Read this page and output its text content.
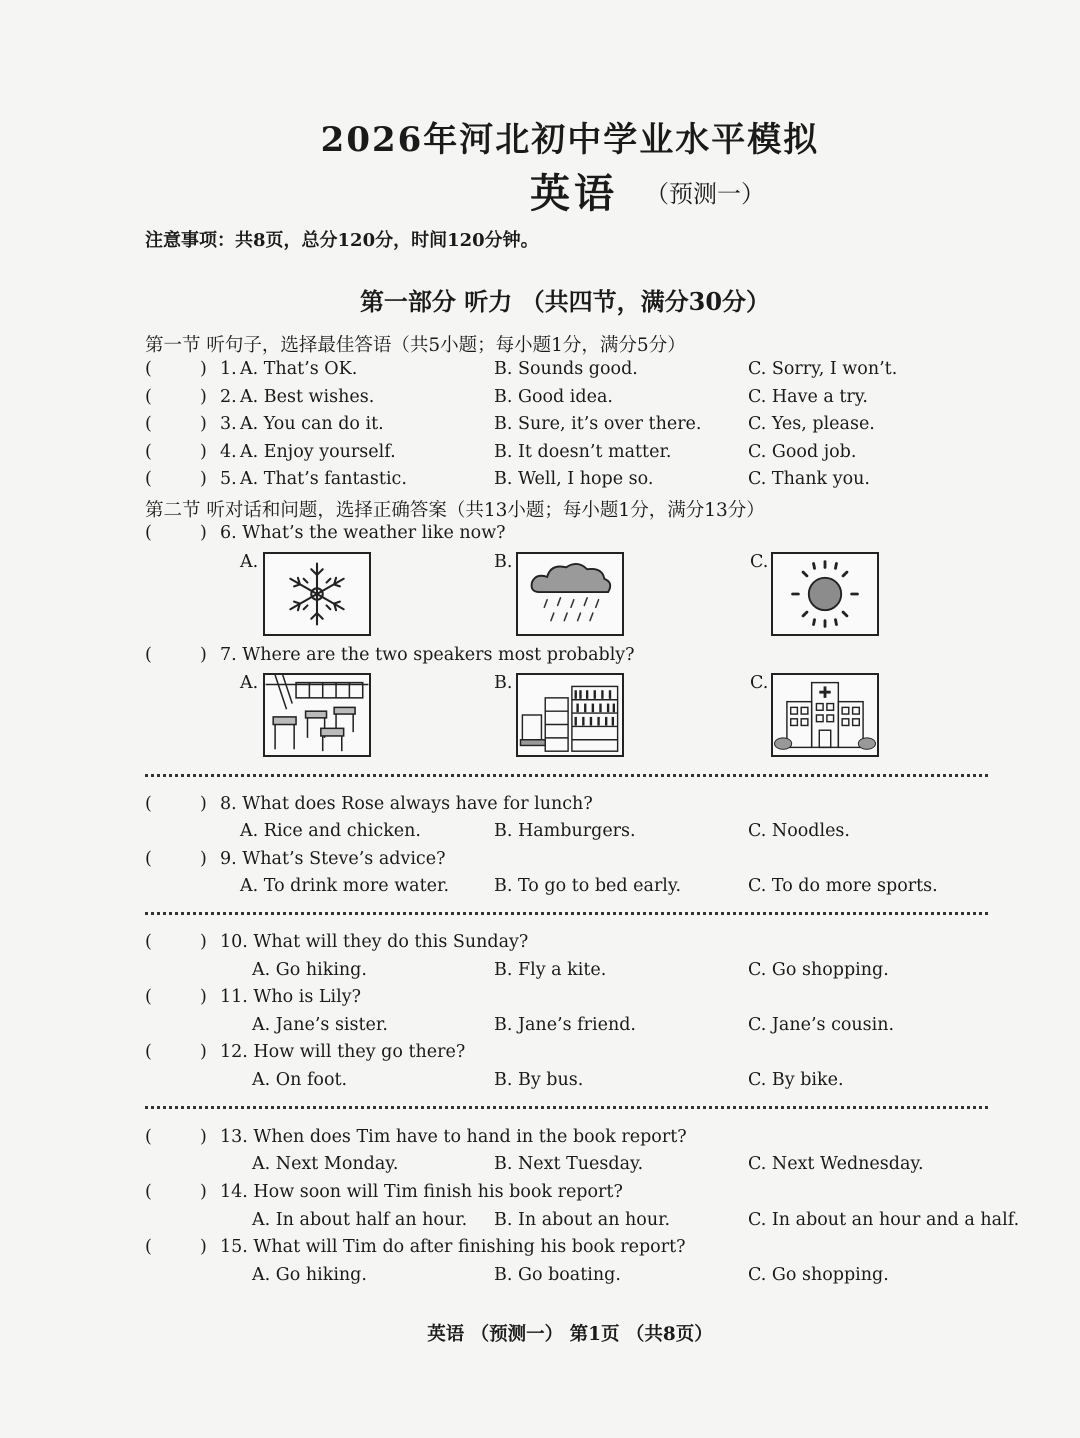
2026年河北初中学业水平模拟
英语 （预测一）
注意事项：共8页，总分120分，时间120分钟。
第一部分 听力 （共四节，满分30分）
第一节 听句子，选择最佳答语（共5小题；每小题1分，满分5分）
(	) 1. A. That’s OK.	B. Sounds good.	C. Sorry, I won’t.
(	) 2. A. Best wishes.	B. Good idea.	C. Have a try.
(	) 3. A. You can do it.	B. Sure, it’s over there.	C. Yes, please.
(	) 4. A. Enjoy yourself.	B. It doesn’t matter.	C. Good job.
(	) 5. A. That’s fantastic.	B. Well, I hope so.	C. Thank you.
第二节 听对话和问题，选择正确答案（共13小题；每小题1分，满分13分）
(	) 6. What’s the weather like now?
A.	B.	C.
(	) 7. Where are the two speakers most probably?
A.	B.	C.
(	) 8. What does Rose always have for lunch?
A. Rice and chicken.	B. Hamburgers.	C. Noodles.
(	) 9. What’s Steve’s advice?
A. To drink more water.	B. To go to bed early.	C. To do more sports.
(	) 10. What will they do this Sunday?
A. Go hiking.	B. Fly a kite.	C. Go shopping.
(	) 11. Who is Lily?
A. Jane’s sister.	B. Jane’s friend.	C. Jane’s cousin.
(	) 12. How will they go there?
A. On foot.	B. By bus.	C. By bike.
(	) 13. When does Tim have to hand in the book report?
A. Next Monday.	B. Next Tuesday.	C. Next Wednesday.
(	) 14. How soon will Tim finish his book report?
A. In about half an hour. B. In about an hour.	C. In about an hour and a half.
(	) 15. What will Tim do after finishing his book report?
A. Go hiking.	B. Go boating.	C. Go shopping.
英语 （预测一） 第1页 （共8页）
